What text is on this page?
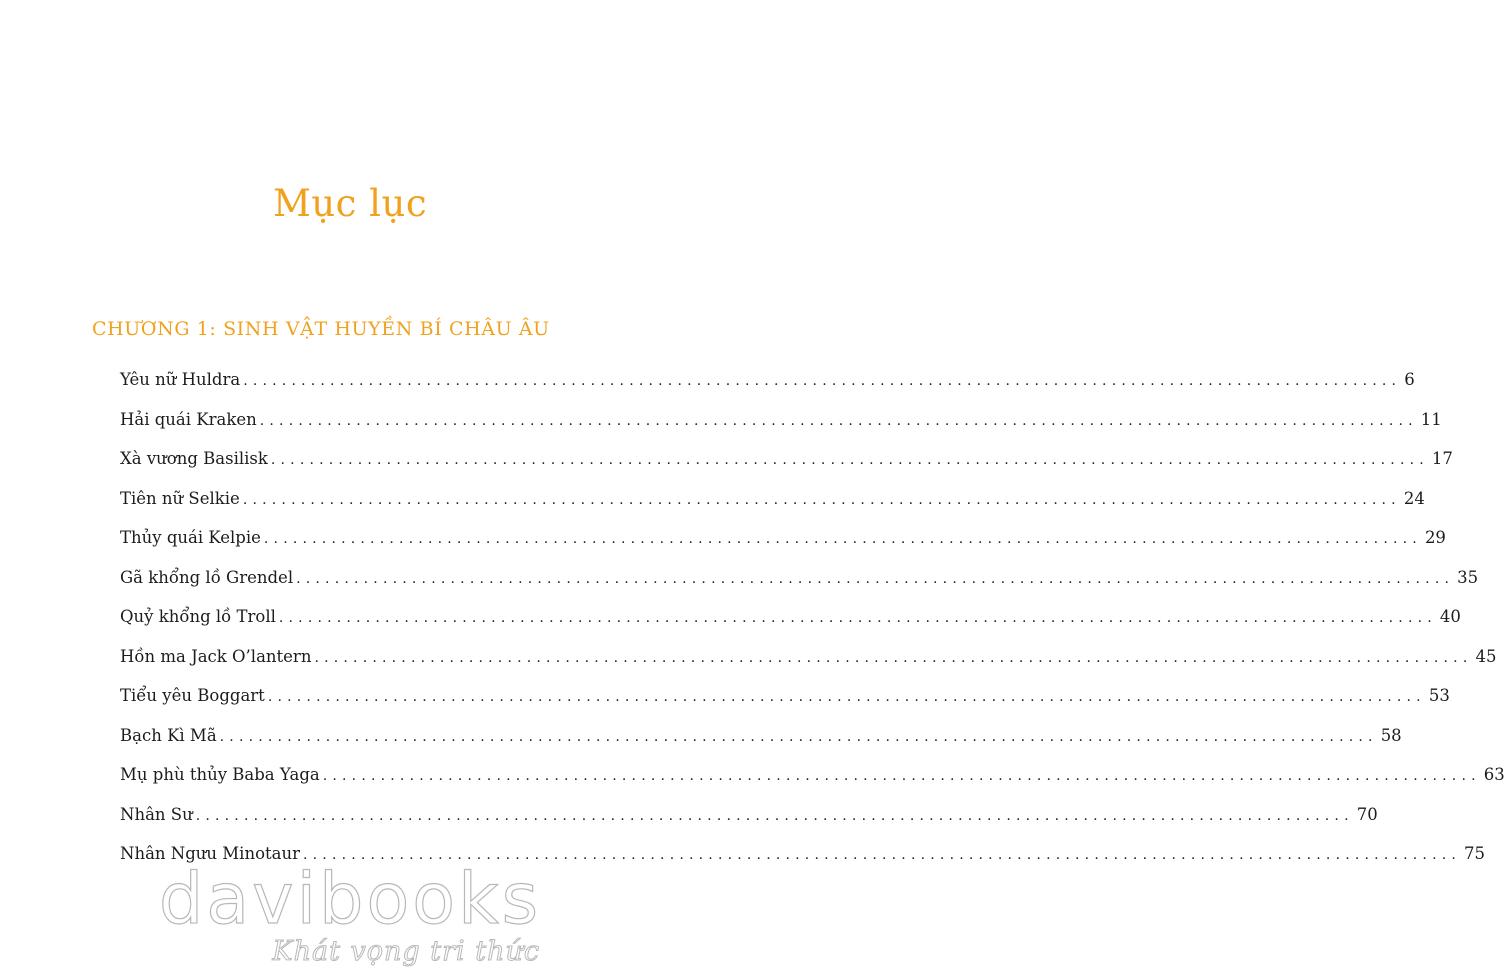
Mục lục
CHƯƠNG 1: SINH VẬT HUYỀN BÍ CHÂU ÂU
Yêu nữ Huldra ........................................................................................................................ 6
Hải quái Kraken ........................................................................................................................ 11
Xà vương Basilisk ........................................................................................................................ 17
Tiên nữ Selkie ........................................................................................................................ 24
Thủy quái Kelpie ........................................................................................................................ 29
Gã khổng lồ Grendel ........................................................................................................................ 35
Quỷ khổng lồ Troll ........................................................................................................................ 40
Hồn ma Jack O’lantern ........................................................................................................................ 45
Tiểu yêu Boggart ........................................................................................................................ 53
Bạch Kì Mã ........................................................................................................................ 58
Mụ phù thủy Baba Yaga ........................................................................................................................ 63
Nhân Sư ........................................................................................................................ 70
Nhân Ngưu Minotaur ........................................................................................................................ 75
davibooks
Khát vọng tri thức
